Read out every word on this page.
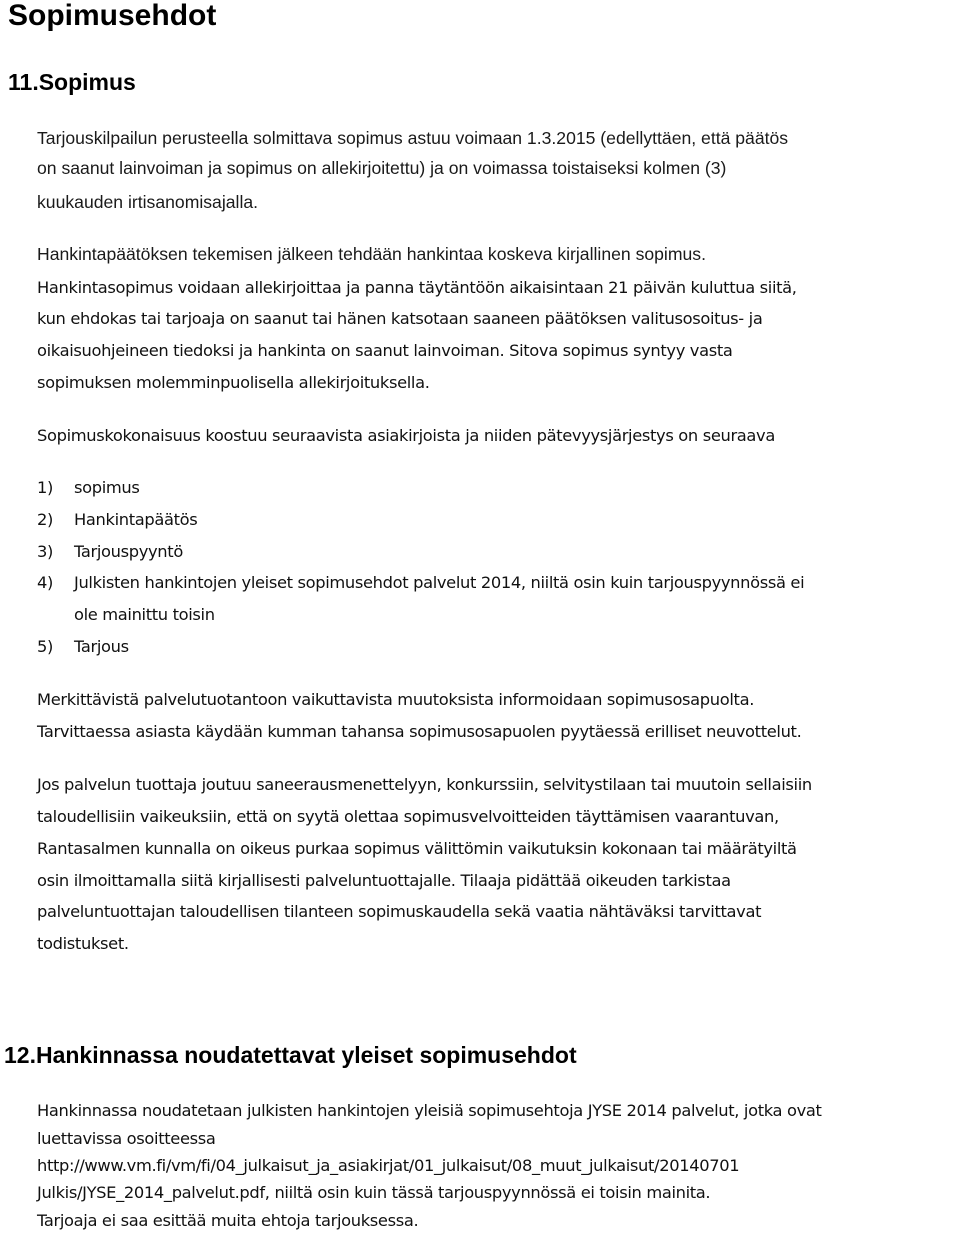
Sopimusehdot
11.Sopimus
Tarjouskilpailun perusteella solmittava sopimus astuu voimaan 1.3.2015 (edellyttäen, että päätös
on saanut lainvoiman ja sopimus on allekirjoitettu) ja on voimassa toistaiseksi kolmen (3)
kuukauden irtisanomisajalla.
Hankintapäätöksen tekemisen jälkeen tehdään hankintaa koskeva kirjallinen sopimus.
Hankintasopimus voidaan allekirjoittaa ja panna täytäntöön aikaisintaan 21 päivän kuluttua siitä,
kun ehdokas tai tarjoaja on saanut tai hänen katsotaan saaneen päätöksen valitusosoitus- ja
oikaisuohjeineen tiedoksi ja hankinta on saanut lainvoiman. Sitova sopimus syntyy vasta
sopimuksen molemminpuolisella allekirjoituksella.
Sopimuskokonaisuus koostuu seuraavista asiakirjoista ja niiden pätevyysjärjestys on seuraava
1) sopimus
2) Hankintapäätös
3) Tarjouspyyntö
4) Julkisten hankintojen yleiset sopimusehdot palvelut 2014, niiltä osin kuin tarjouspyynnössä ei
ole mainittu toisin
5) Tarjous
Merkittävistä palvelutuotantoon vaikuttavista muutoksista informoidaan sopimusosapuolta.
Tarvittaessa asiasta käydään kumman tahansa sopimusosapuolen pyytäessä erilliset neuvottelut.
Jos palvelun tuottaja joutuu saneerausmenettelyyn, konkurssiin, selvitystilaan tai muutoin sellaisiin
taloudellisiin vaikeuksiin, että on syytä olettaa sopimusvelvoitteiden täyttämisen vaarantuvan,
Rantasalmen kunnalla on oikeus purkaa sopimus välittömin vaikutuksin kokonaan tai määrätyiltä
osin ilmoittamalla siitä kirjallisesti palveluntuottajalle. Tilaaja pidättää oikeuden tarkistaa
palveluntuottajan taloudellisen tilanteen sopimuskaudella sekä vaatia nähtäväksi tarvittavat
todistukset.
12.Hankinnassa noudatettavat yleiset sopimusehdot
Hankinnassa noudatetaan julkisten hankintojen yleisiä sopimusehtoja JYSE 2014 palvelut, jotka ovat
luettavissa osoitteessa
http://www.vm.fi/vm/fi/04_julkaisut_ja_asiakirjat/01_julkaisut/08_muut_julkaisut/20140701
Julkis/JYSE_2014_palvelut.pdf, niiltä osin kuin tässä tarjouspyynnössä ei toisin mainita.
Tarjoaja ei saa esittää muita ehtoja tarjouksessa.
